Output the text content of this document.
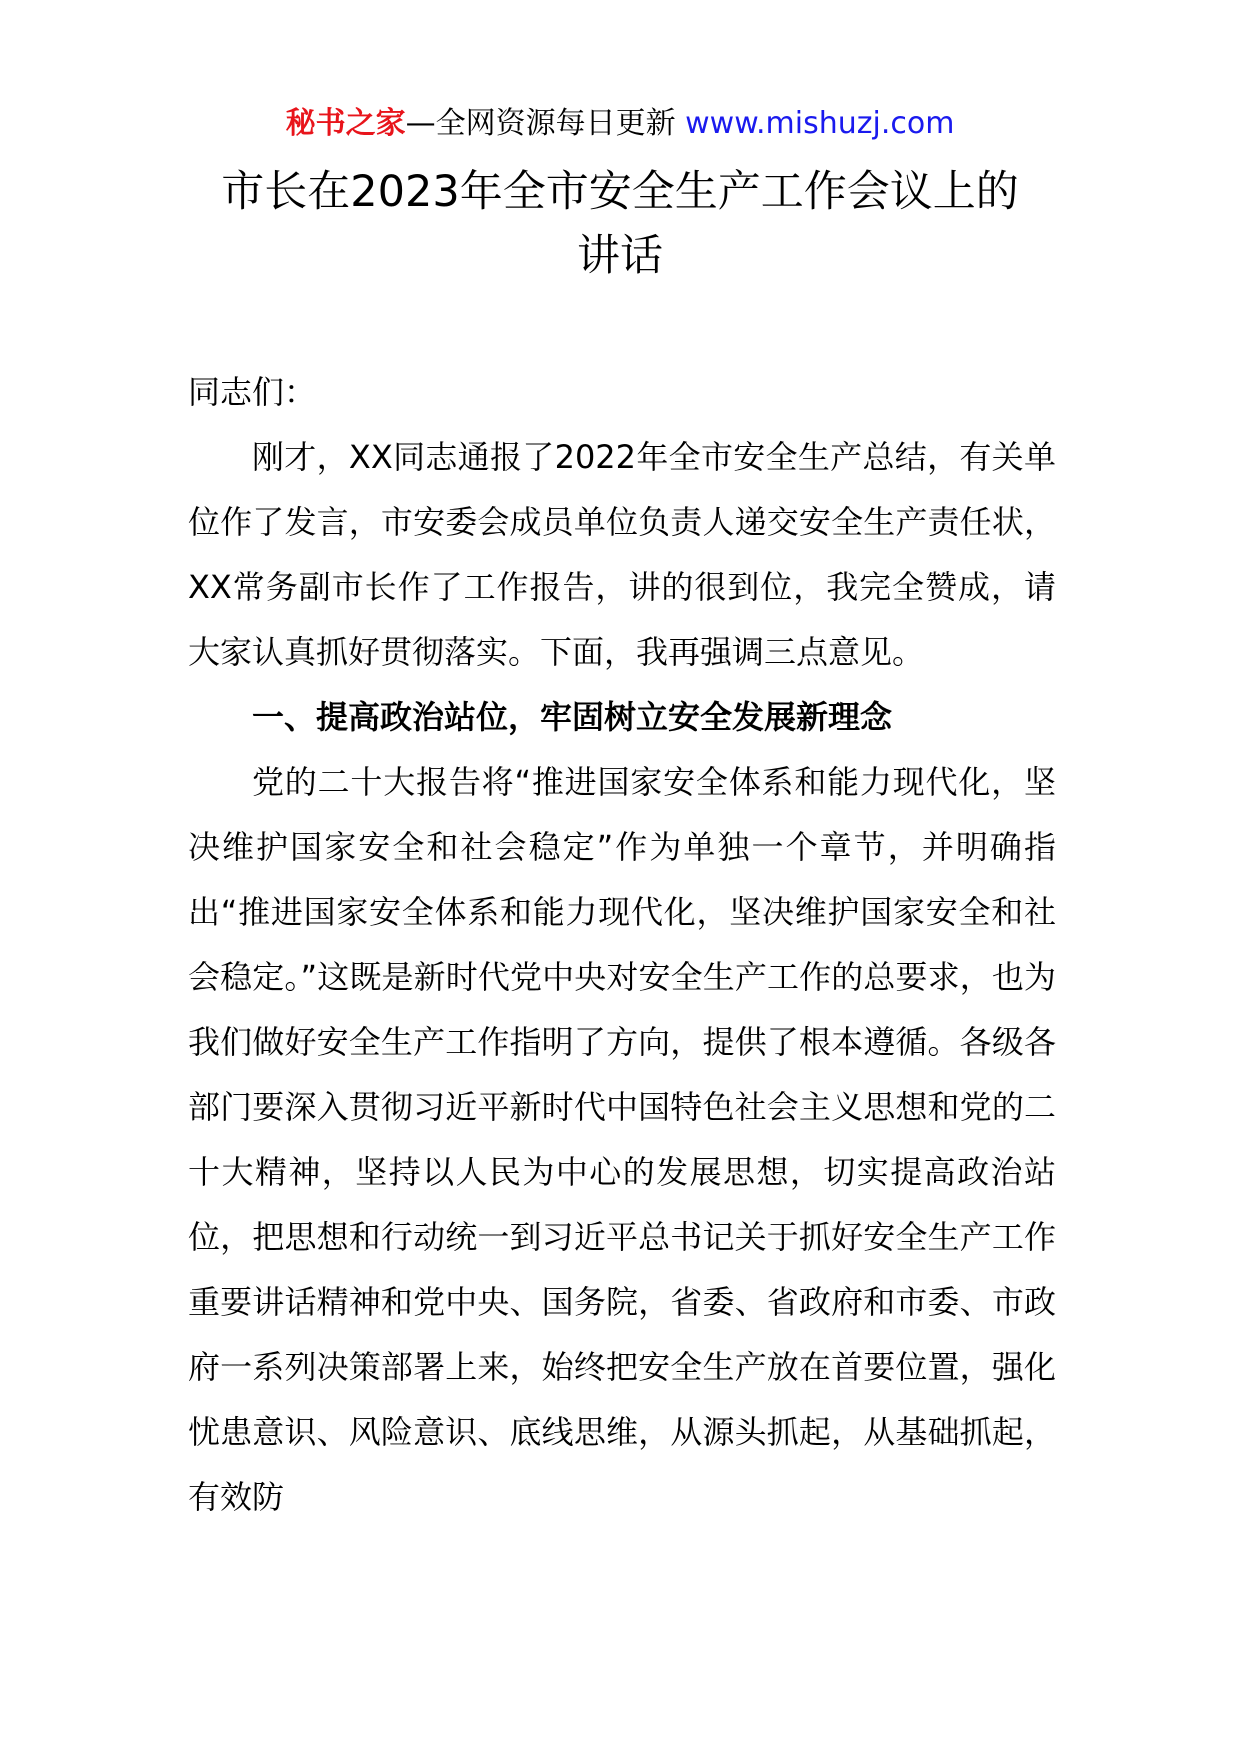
秘书之家—全网资源每日更新 www.mishuzj.com
市长在2023年全市安全生产工作会议上的
讲话

同志们：

刚才，XX同志通报了2022年全市安全生产总结，有关单位作了发言，市安委会成员单位负责人递交安全生产责任状，XX常务副市长作了工作报告，讲的很到位，我完全赞成，请大家认真抓好贯彻落实。下面，我再强调三点意见。

一、提高政治站位，牢固树立安全发展新理念

党的二十大报告将“推进国家安全体系和能力现代化，坚决维护国家安全和社会稳定”作为单独一个章节，并明确指出“推进国家安全体系和能力现代化，坚决维护国家安全和社会稳定。”这既是新时代党中央对安全生产工作的总要求，也为我们做好安全生产工作指明了方向，提供了根本遵循。各级各部门要深入贯彻习近平新时代中国特色社会主义思想和党的二十大精神，坚持以人民为中心的发展思想，切实提高政治站位，把思想和行动统一到习近平总书记关于抓好安全生产工作重要讲话精神和党中央、国务院，省委、省政府和市委、市政府一系列决策部署上来，始终把安全生产放在首要位置，强化忧患意识、风险意识、底线思维，从源头抓起，从基础抓起，有效防
